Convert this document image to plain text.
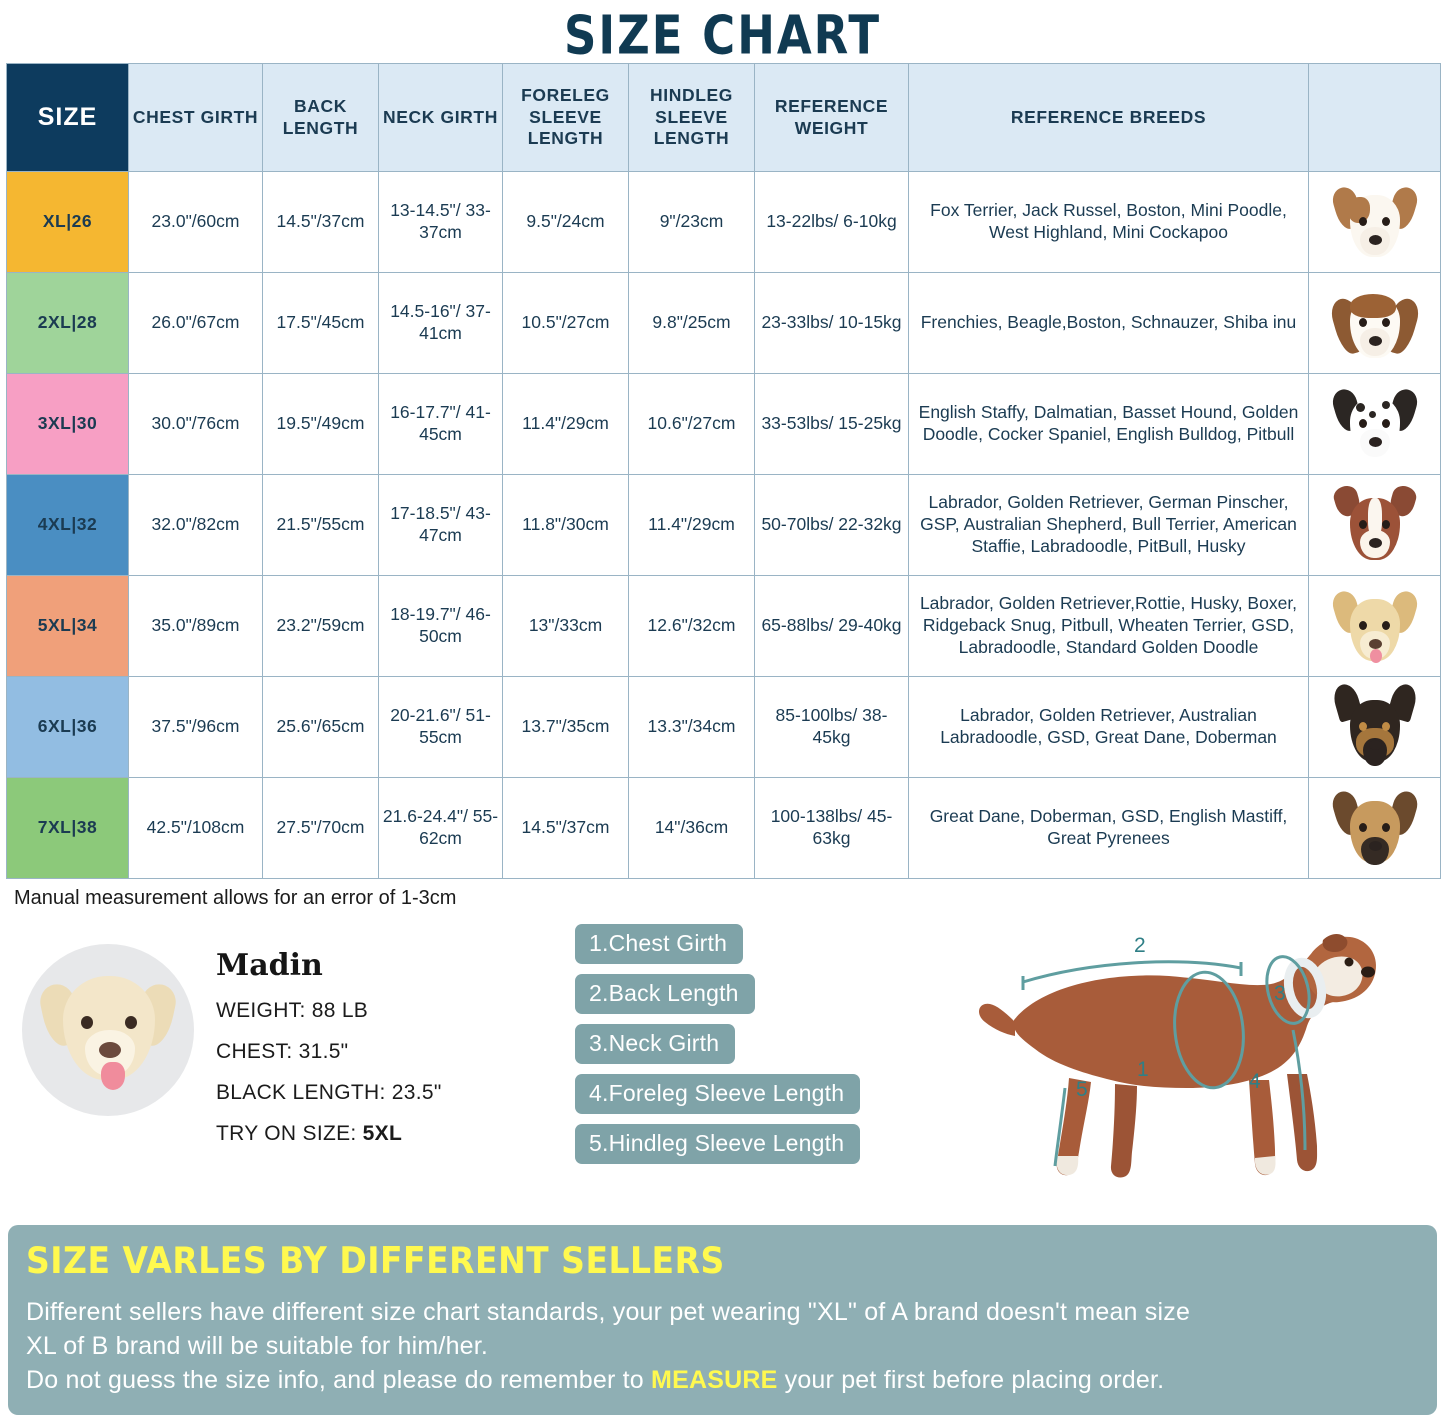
SIZE CHART
SIZE	CHEST GIRTH	BACK LENGTH	NECK GIRTH	FORELEG SLEEVE LENGTH	HINDLEG SLEEVE LENGTH	REFERENCE WEIGHT	REFERENCE BREEDS	
XL|26	23.0"/60cm	14.5"/37cm	13-14.5"/ 33-37cm	9.5"/24cm	9"/23cm	13-22lbs/ 6-10kg	Fox Terrier, Jack Russel, Boston, Mini Poodle, West Highland, Mini Cockapoo	

2XL|28	26.0"/67cm	17.5"/45cm	14.5-16"/ 37-41cm	10.5"/27cm	9.8"/25cm	23-33lbs/ 10-15kg	Frenchies, Beagle,Boston, Schnauzer, Shiba inu	

3XL|30	30.0"/76cm	19.5"/49cm	16-17.7"/ 41-45cm	11.4"/29cm	10.6"/27cm	33-53lbs/ 15-25kg	English Staffy, Dalmatian, Basset Hound, Golden Doodle, Cocker Spaniel, English Bulldog, Pitbull	

4XL|32	32.0"/82cm	21.5"/55cm	17-18.5"/ 43-47cm	11.8"/30cm	11.4"/29cm	50-70lbs/ 22-32kg	Labrador, Golden Retriever, German Pinscher, GSP, Australian Shepherd, Bull Terrier, American Staffie, Labradoodle, PitBull, Husky	

5XL|34	35.0"/89cm	23.2"/59cm	18-19.7"/ 46-50cm	13"/33cm	12.6"/32cm	65-88lbs/ 29-40kg	Labrador, Golden Retriever,Rottie, Husky, Boxer, Ridgeback Snug, Pitbull, Wheaten Terrier, GSD, Labradoodle, Standard Golden Doodle	

6XL|36	37.5"/96cm	25.6"/65cm	20-21.6"/ 51-55cm	13.7"/35cm	13.3"/34cm	85-100lbs/ 38-45kg	Labrador, Golden Retriever, Australian Labradoodle, GSD, Great Dane, Doberman	

7XL|38	42.5"/108cm	27.5"/70cm	21.6-24.4"/ 55-62cm	14.5"/37cm	14"/36cm	100-138lbs/ 45-63kg	Great Dane, Doberman, GSD, English Mastiff, Great Pyrenees	
Manual measurement allows for an error of 1-3cm
Madin
WEIGHT: 88 LB
CHEST: 31.5"
BLACK LENGTH: 23.5"
TRY ON SIZE: 5XL
1.Chest Girth
2.Back Length
3.Neck Girth
4.Foreleg Sleeve Length
5.Hindleg Sleeve Length
2
3
1
4
5
SIZE VARLES BY DIFFERENT SELLERS
Different sellers have different size chart standards, your pet wearing "XL" of A brand doesn't mean size
XL of B brand will be suitable for him/her.
Do not guess the size info, and please do remember to MEASURE your pet first before placing order.
